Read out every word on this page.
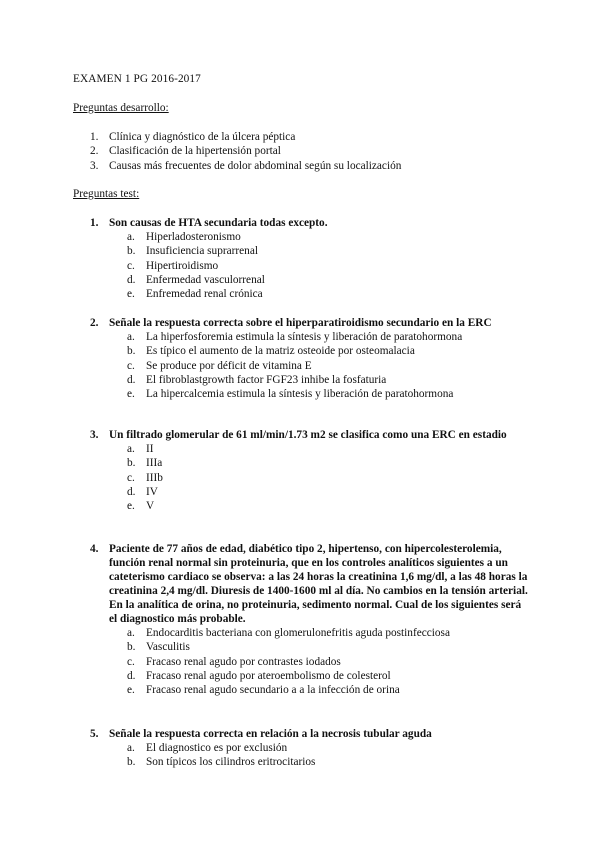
EXAMEN 1 PG 2016-2017
Preguntas desarrollo:
1. Clínica y diagnóstico de la úlcera péptica
2. Clasificación de la hipertensión portal
3. Causas más frecuentes de dolor abdominal según su localización
Preguntas test:
1. Son causas de HTA secundaria todas excepto.
a. Hiperladosteronismo
b. Insuficiencia suprarrenal
c. Hipertiroidismo
d. Enfermedad vasculorrenal
e. Enfremedad renal crónica
2. Señale la respuesta correcta sobre el hiperparatiroidismo secundario en la ERC
a. La hiperfosforemia estimula la síntesis y liberación de paratohormona
b. Es típico el aumento de la matriz osteoide por osteomalacia
c. Se produce por déficit de vitamina E
d. El fibroblastgrowth factor FGF23 inhibe la fosfaturia
e. La hipercalcemia estimula la síntesis y liberación de paratohormona
3. Un filtrado glomerular de 61 ml/min/1.73 m2 se clasifica como una ERC en estadio
a. II
b. IIIa
c. IIIb
d. IV
e. V
4. Paciente de 77 años de edad, diabético tipo 2, hipertenso, con hipercolesterolemia, función renal normal sin proteinuria, que en los controles analíticos siguientes a un cateterismo cardiaco se observa: a las 24 horas la creatinina 1,6 mg/dl, a las 48 horas la creatinina 2,4 mg/dl. Diuresis de 1400-1600 ml al día. No cambios en la tensión arterial. En la analítica de orina, no proteinuria, sedimento normal. Cual de los siguientes será el diagnostico más probable.
a. Endocarditis bacteriana con glomerulonefritis aguda postinfecciosa
b. Vasculitis
c. Fracaso renal agudo por contrastes iodados
d. Fracaso renal agudo por ateroembolismo de colesterol
e. Fracaso renal agudo secundario a a la infección de orina
5. Señale la respuesta correcta en relación a la necrosis tubular aguda
a. El diagnostico es por exclusión
b. Son típicos los cilindros eritrocitarios
